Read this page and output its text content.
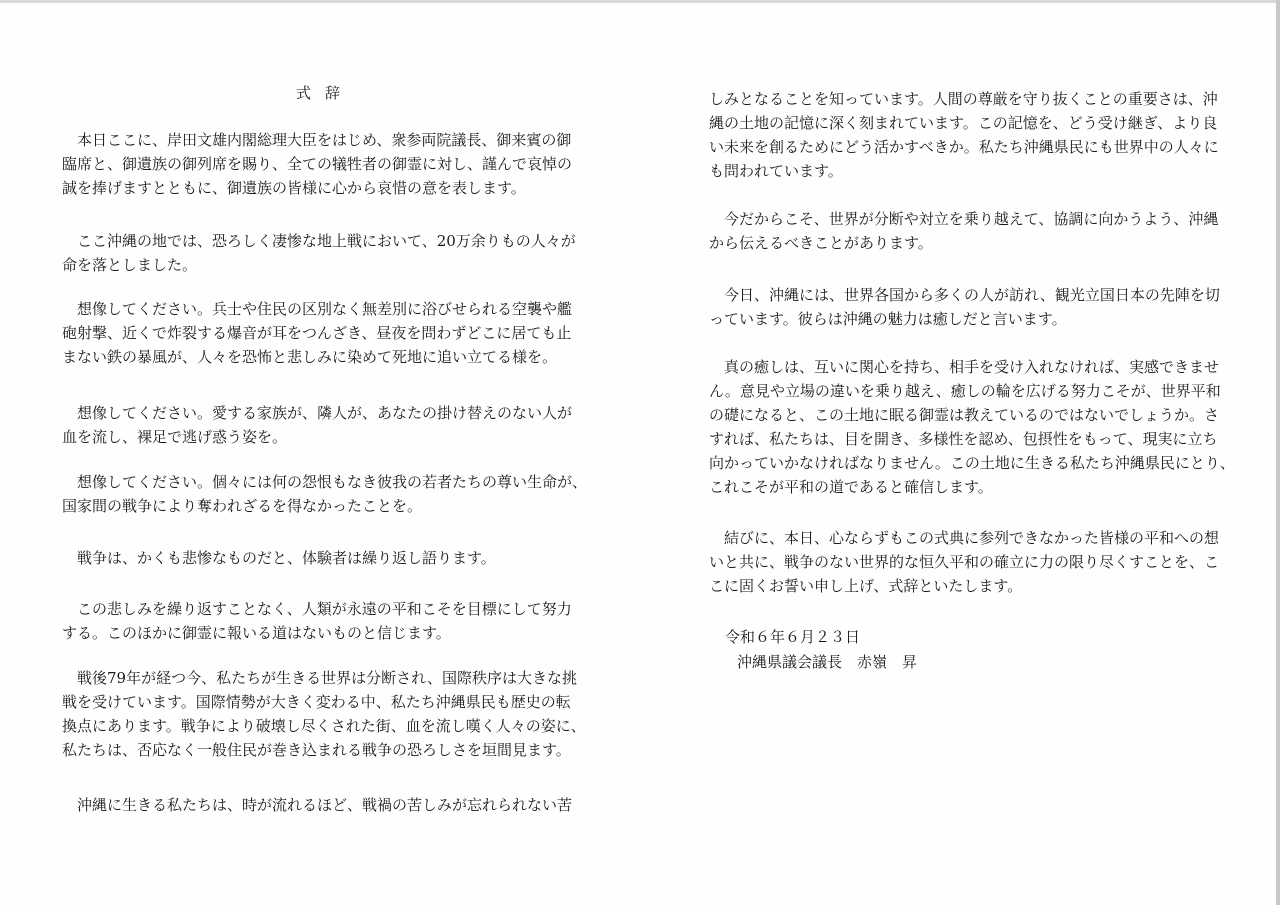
式辞
　本日ここに、岸田文雄内閣総理大臣をはじめ、衆参両院議長、御来賓の御
臨席と、御遺族の御列席を賜り、全ての犠牲者の御霊に対し、謹んで哀悼の
誠を捧げますとともに、御遺族の皆様に心から哀惜の意を表します。
　ここ沖縄の地では、恐ろしく凄惨な地上戦において、20万余りもの人々が
命を落としました。
　想像してください。兵士や住民の区別なく無差別に浴びせられる空襲や艦
砲射撃、近くで炸裂する爆音が耳をつんざき、昼夜を問わずどこに居ても止
まない鉄の暴風が、人々を恐怖と悲しみに染めて死地に追い立てる様を。
　想像してください。愛する家族が、隣人が、あなたの掛け替えのない人が
血を流し、裸足で逃げ惑う姿を。
　想像してください。個々には何の怨恨もなき彼我の若者たちの尊い生命が、
国家間の戦争により奪われざるを得なかったことを。
　戦争は、かくも悲惨なものだと、体験者は繰り返し語ります。
　この悲しみを繰り返すことなく、人類が永遠の平和こそを目標にして努力
する。このほかに御霊に報いる道はないものと信じます。
　戦後79年が経つ今、私たちが生きる世界は分断され、国際秩序は大きな挑
戦を受けています。国際情勢が大きく変わる中、私たち沖縄県民も歴史の転
換点にあります。戦争により破壊し尽くされた街、血を流し嘆く人々の姿に、
私たちは、否応なく一般住民が巻き込まれる戦争の恐ろしさを垣間見ます。
　沖縄に生きる私たちは、時が流れるほど、戦禍の苦しみが忘れられない苦
しみとなることを知っています。人間の尊厳を守り抜くことの重要さは、沖
縄の土地の記憶に深く刻まれています。この記憶を、どう受け継ぎ、より良
い未来を創るためにどう活かすべきか。私たち沖縄県民にも世界中の人々に
も問われています。
　今だからこそ、世界が分断や対立を乗り越えて、協調に向かうよう、沖縄
から伝えるべきことがあります。
　今日、沖縄には、世界各国から多くの人が訪れ、観光立国日本の先陣を切
っています。彼らは沖縄の魅力は癒しだと言います。
　真の癒しは、互いに関心を持ち、相手を受け入れなければ、実感できませ
ん。意見や立場の違いを乗り越え、癒しの輪を広げる努力こそが、世界平和
の礎になると、この土地に眠る御霊は教えているのではないでしょうか。さ
すれば、私たちは、目を開き、多様性を認め、包摂性をもって、現実に立ち
向かっていかなければなりません。この土地に生きる私たち沖縄県民にとり、
これこそが平和の道であると確信します。
　結びに、本日、心ならずもこの式典に参列できなかった皆様の平和への想
いと共に、戦争のない世界的な恒久平和の確立に力の限り尽くすことを、こ
こに固くお誓い申し上げ、式辞といたします。
令和６年６月２３日
沖縄県議会議長　赤嶺　昇
